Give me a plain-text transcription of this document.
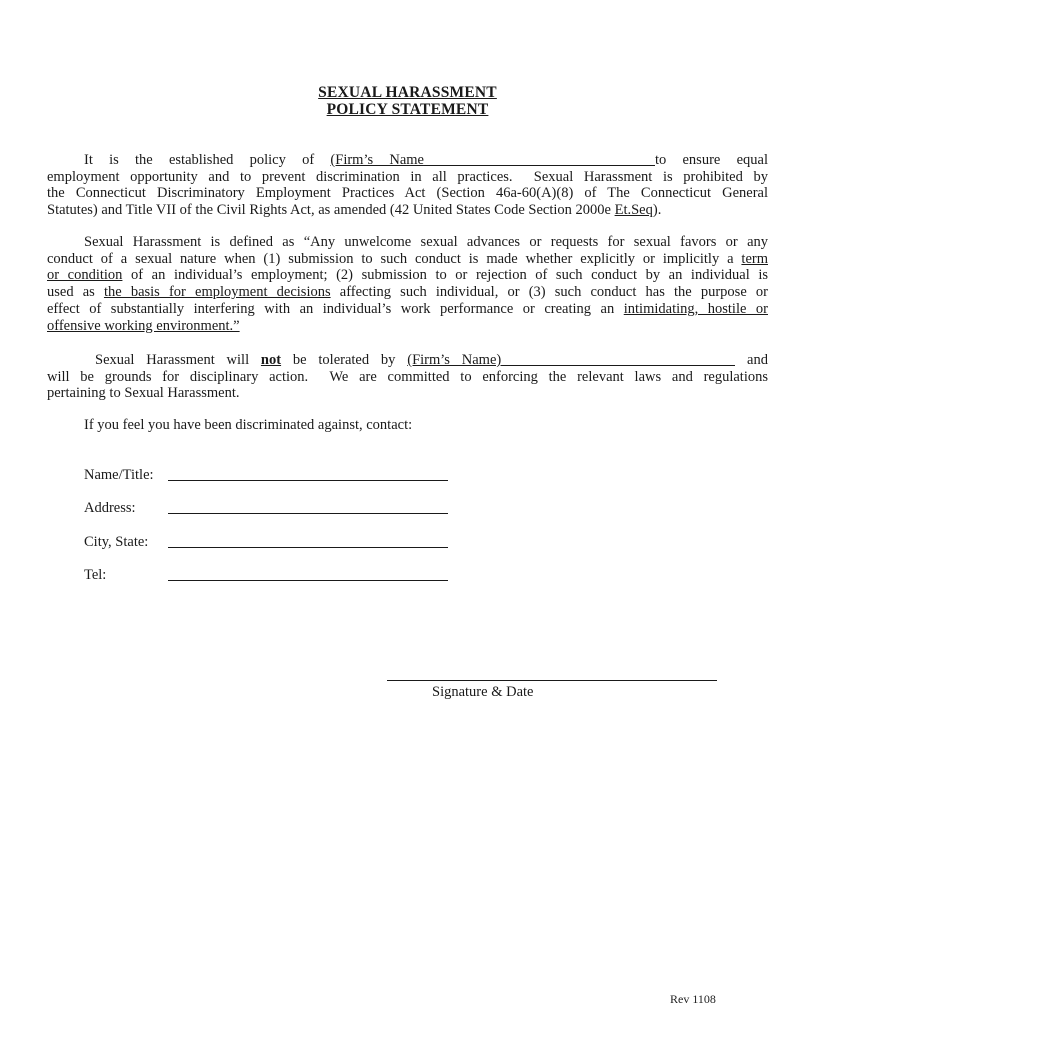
SEXUAL HARASSMENT
POLICY STATEMENT
It is the established policy of (Firm’s Name	to ensure equal
employment opportunity and to prevent discrimination in all practices.  Sexual Harassment is prohibited by
the Connecticut Discriminatory Employment Practices Act (Section 46a-60(A)(8) of The Connecticut General
Statutes) and Title VII of the Civil Rights Act, as amended (42 United States Code Section 2000e Et.Seq).
Sexual Harassment is defined as “Any unwelcome sexual advances or requests for sexual favors or any
conduct of a sexual nature when (1) submission to such conduct is made whether explicitly or implicitly a term
or condition of an individual’s employment; (2) submission to or rejection of such conduct by an individual is
used as the basis for employment decisions affecting such individual, or (3) such conduct has the purpose or
effect of substantially interfering with an individual’s work performance or creating an intimidating, hostile or
offensive working environment.”
Sexual Harassment will not be tolerated by (Firm’s Name)	and
will be grounds for disciplinary action.  We are committed to enforcing the relevant laws and regulations
pertaining to Sexual Harassment.
If you feel you have been discriminated against, contact:
Name/Title:
Address:
City, State:
Tel:
Signature & Date
Rev 1108
